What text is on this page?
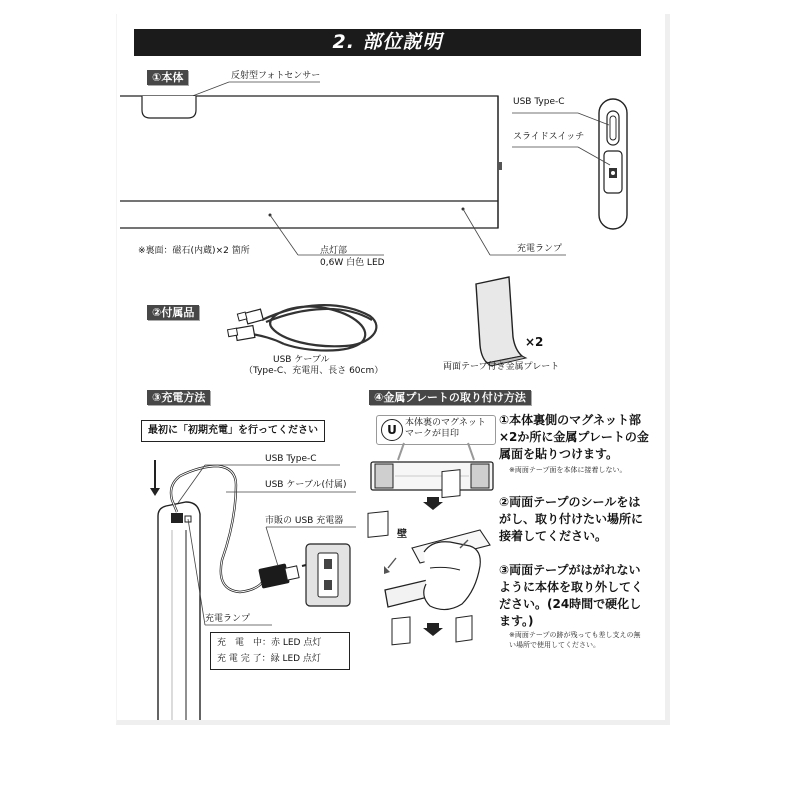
2. 部位説明
①本体	反射型フォトセンサー
USB Type-C
スライドスイッチ
※裏面：磁石(内蔵)×2 箇所	点灯部
0,6W 白色 LED
充電ランプ
②付属品
USB ケーブル
（Type-C、充電用、長さ 60cm）
×2
両面テープ付き金属プレート
③充電方法
最初に「初期充電」を行ってください
USB Type-C
USB ケーブル(付属)
市販の USB 充電器
充電ランプ
充　電　中：赤 LED 点灯
充 電 完 了：緑 LED 点灯
④金属プレートの取り付け方法
U 本体裏のマグネット
マークが目印
壁
①本体裏側のマグネット部×2か所に金属プレートの金属面を貼りつけます。
※両面テープ面を本体に接着しない。
②両面テープのシールをはがし、取り付けたい場所に接着してください。
③両面テープがはがれないように本体を取り外してください。(24時間で硬化します。)
※両面テープの跡が残っても差し支えの無い場所で使用してください。
